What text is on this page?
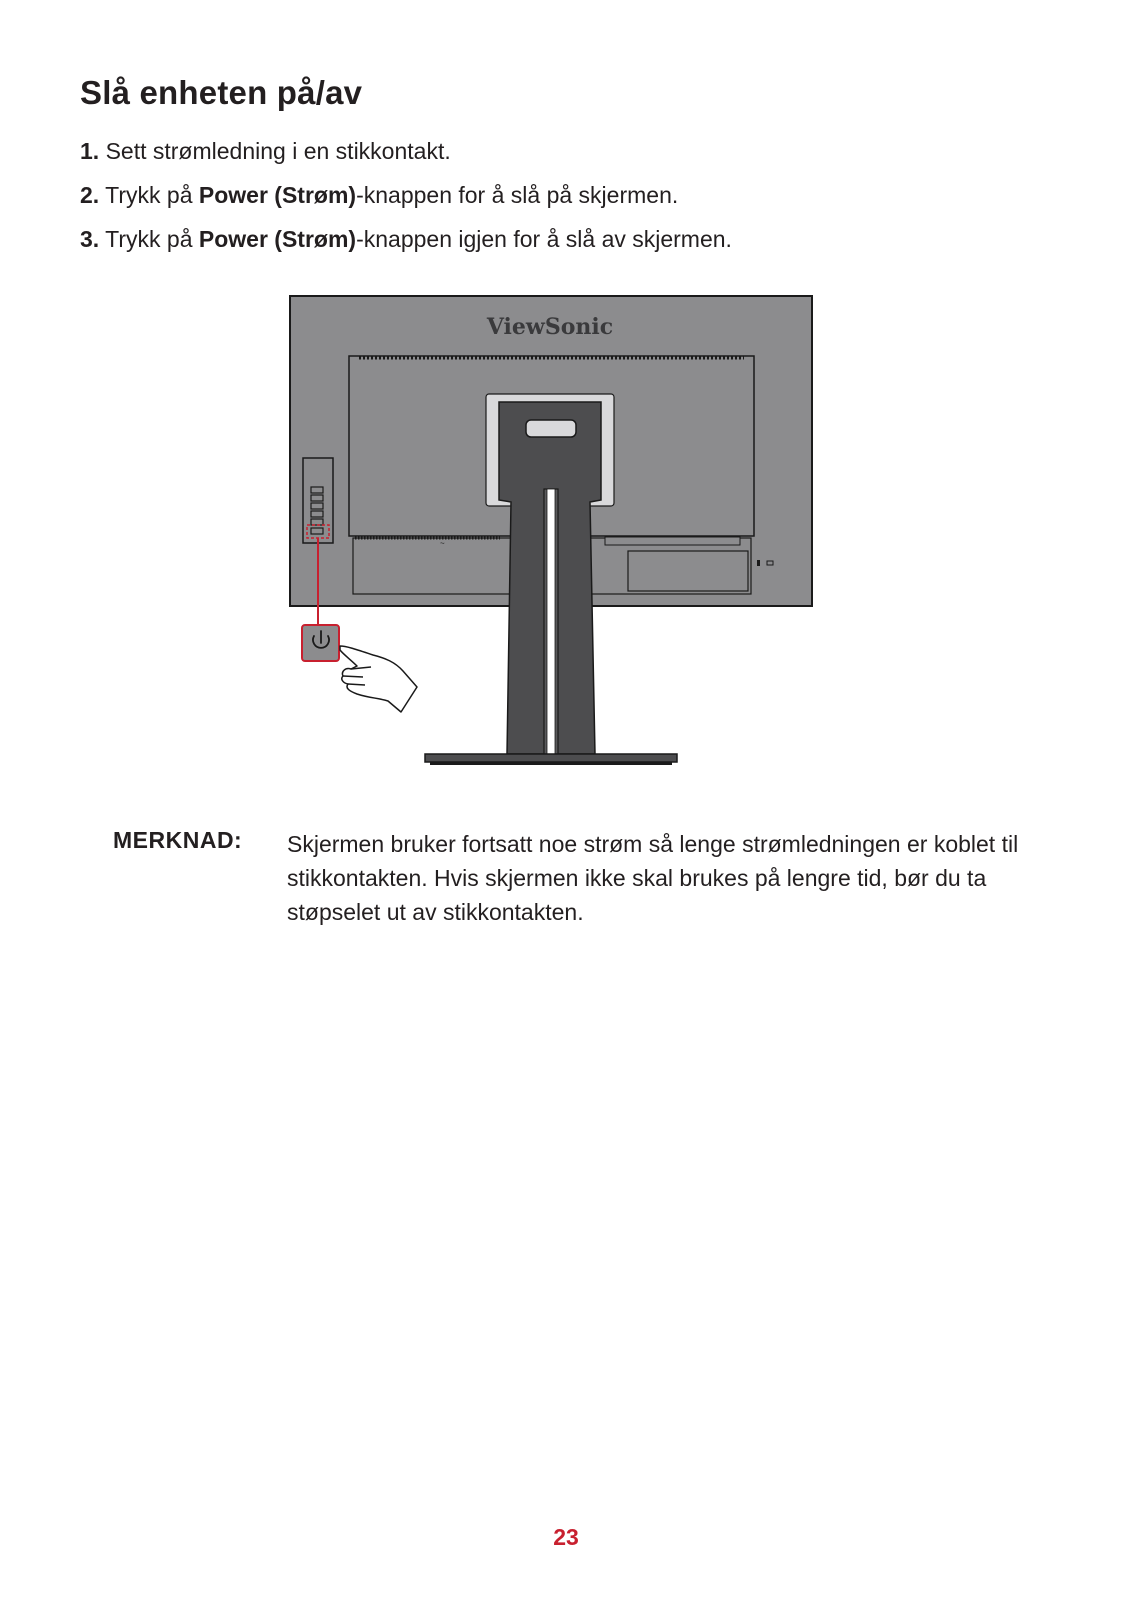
Slå enheten på/av
1. Sett strømledning i en stikkontakt.
2. Trykk på Power (Strøm)-knappen for å slå på skjermen.
3. Trykk på Power (Strøm)-knappen igjen for å slå av skjermen.
ViewSonic
~
MERKNAD: Skjermen bruker fortsatt noe strøm så lenge strømledningen er koblet til stikkontakten. Hvis skjermen ikke skal brukes på lengre tid, bør du ta støpselet ut av stikkontakten.
23
